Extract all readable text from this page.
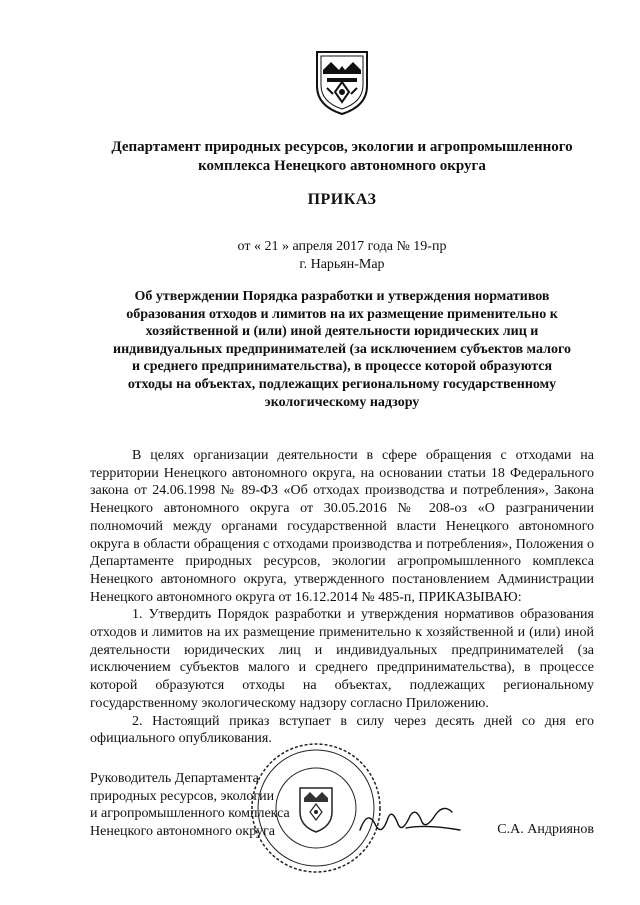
Департамент природных ресурсов, экологии и агропромышленного комплекса Ненецкого автономного округа
ПРИКАЗ
от « 21 » апреля 2017 года № 19-пр
г. Нарьян-Мар
Об утверждении Порядка разработки и утверждения нормативов образования отходов и лимитов на их размещение применительно к хозяйственной и (или) иной деятельности юридических лиц и индивидуальных предпринимателей (за исключением субъектов малого и среднего предпринимательства), в процессе которой образуются отходы на объектах, подлежащих региональному государственному экологическому надзору

В целях организации деятельности в сфере обращения с отходами на территории Ненецкого автономного округа, на основании статьи 18 Федерального закона от 24.06.1998 № 89-ФЗ «Об отходах производства и потребления», Закона Ненецкого автономного округа от 30.05.2016 № 208-оз «О разграничении полномочий между органами государственной власти Ненецкого автономного округа в области обращения с отходами производства и потребления», Положения о Департаменте природных ресурсов, экологии агропромышленного комплекса Ненецкого автономного округа, утвержденного постановлением Администрации Ненецкого автономного округа от 16.12.2014 № 485-п, ПРИКАЗЫВАЮ:

1. Утвердить Порядок разработки и утверждения нормативов образования отходов и лимитов на их размещение применительно к хозяйственной и (или) иной деятельности юридических лиц и индивидуальных предпринимателей (за исключением субъектов малого и среднего предпринимательства), в процессе которой образуются отходы на объектах, подлежащих региональному государственному экологическому надзору согласно Приложению.

2. Настоящий приказ вступает в силу через десять дней со дня его официального опубликования.

Руководитель Департамента
природных ресурсов, экологии
и агропромышленного комплекса
Ненецкого автономного округа	С.А. Андриянов
